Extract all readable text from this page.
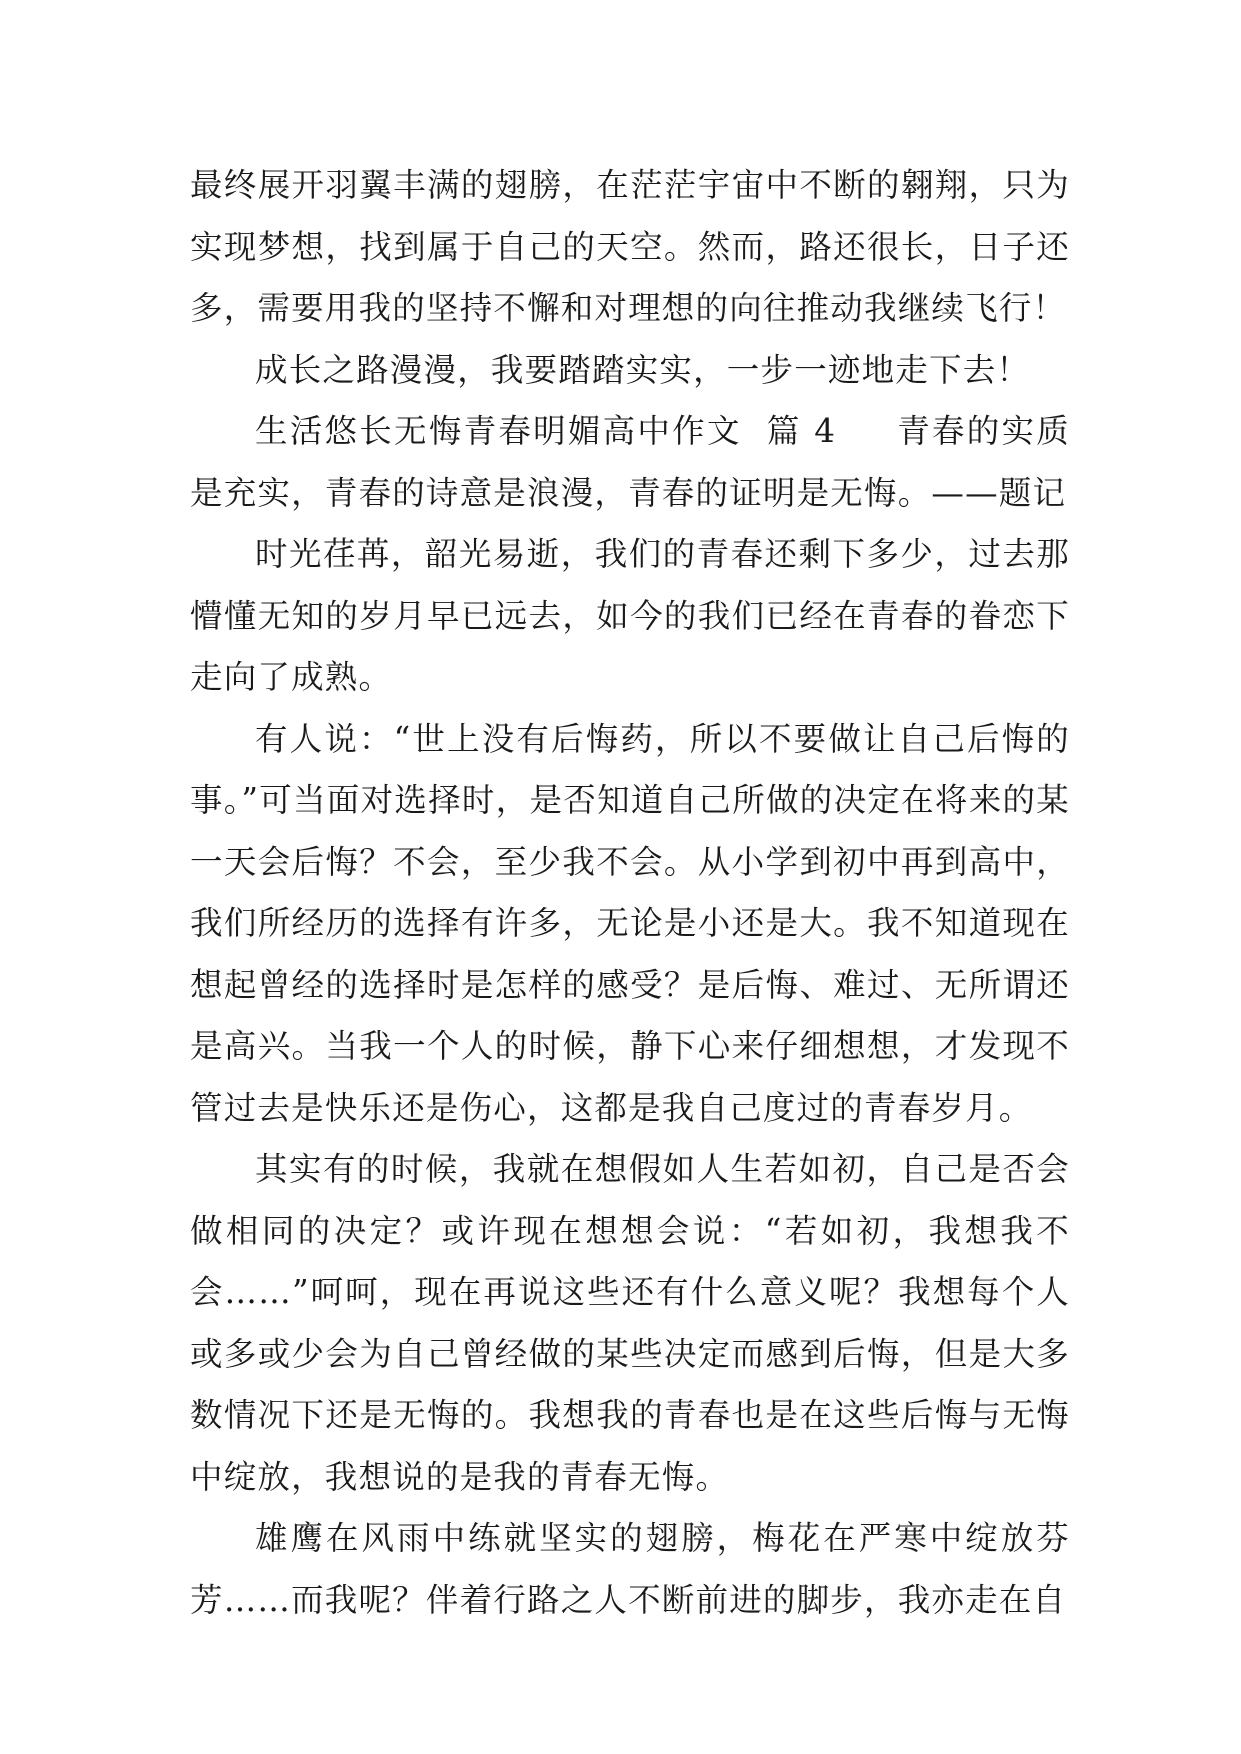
最终展开羽翼丰满的翅膀，在茫茫宇宙中不断的翱翔，只为实现梦想，找到属于自己的天空。然而，路还很长，日子还多，需要用我的坚持不懈和对理想的向往推动我继续飞行！

成长之路漫漫，我要踏踏实实，一步一迹地走下去！

生活悠长无悔青春明媚高中作文 篇 4 青春的实质是充实，青春的诗意是浪漫，青春的证明是无悔。——题记

时光荏苒，韶光易逝，我们的青春还剩下多少，过去那懵懂无知的岁月早已远去，如今的我们已经在青春的眷恋下走向了成熟。

有人说：“世上没有后悔药，所以不要做让自己后悔的事。”可当面对选择时，是否知道自己所做的决定在将来的某一天会后悔？不会，至少我不会。从小学到初中再到高中，我们所经历的选择有许多，无论是小还是大。我不知道现在想起曾经的选择时是怎样的感受？是后悔、难过、无所谓还是高兴。当我一个人的时候，静下心来仔细想想，才发现不管过去是快乐还是伤心，这都是我自己度过的青春岁月。

其实有的时候，我就在想假如人生若如初，自己是否会做相同的决定？或许现在想想会说：“若如初，我想我不会……”呵呵，现在再说这些还有什么意义呢？我想每个人或多或少会为自己曾经做的某些决定而感到后悔，但是大多数情况下还是无悔的。我想我的青春也是在这些后悔与无悔中绽放，我想说的是我的青春无悔。

雄鹰在风雨中练就坚实的翅膀，梅花在严寒中绽放芬芳……而我呢？伴着行路之人不断前进的脚步，我亦走在自
